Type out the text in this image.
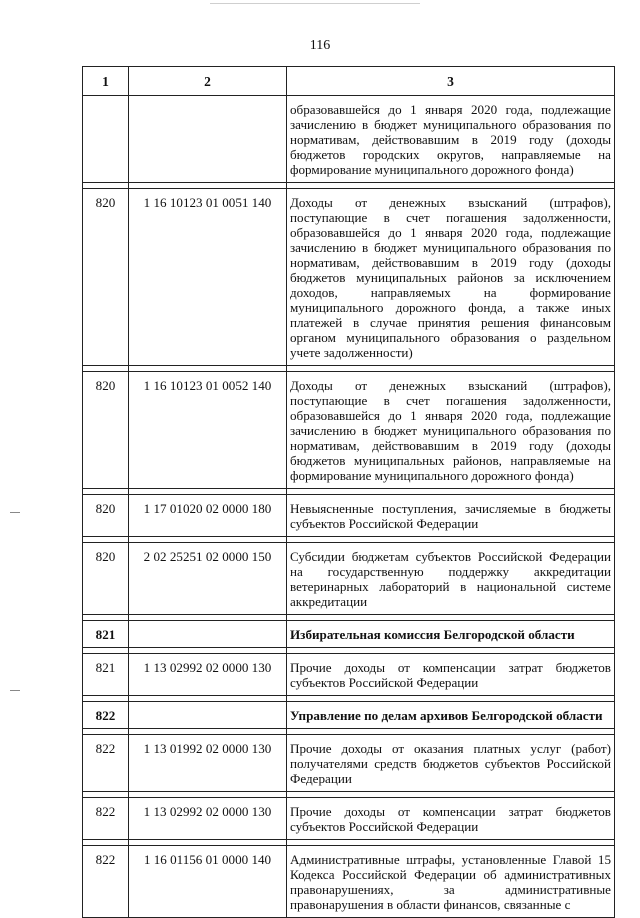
116
1	2	3
		образовавшейся до 1 января 2020 года, подлежащие зачислению в бюджет муниципального образования по нормативам, действовавшим в 2019 году (доходы бюджетов городских округов, направляемые на формирование муниципального дорожного фонда)

820	1 16 10123 01 0051 140	Доходы от денежных взысканий (штрафов), поступающие в счет погашения задолженности, образовавшейся до 1 января 2020 года, подлежащие зачислению в бюджет муниципального образования по нормативам, действовавшим в 2019 году (доходы бюджетов муниципальных районов за исключением доходов, направляемых на формирование муниципального дорожного фонда, а также иных платежей в случае принятия решения финансовым органом муниципального образования о раздельном учете задолженности)

820	1 16 10123 01 0052 140	Доходы от денежных взысканий (штрафов), поступающие в счет погашения задолженности, образовавшейся до 1 января 2020 года, подлежащие зачислению в бюджет муниципального образования по нормативам, действовавшим в 2019 году (доходы бюджетов муниципальных районов, направляемые на формирование муниципального дорожного фонда)

820	1 17 01020 02 0000 180	Невыясненные поступления, зачисляемые в бюджеты субъектов Российской Федерации

820	2 02 25251 02 0000 150	Субсидии бюджетам субъектов Российской Федерации на государственную поддержку аккредитации ветеринарных лабораторий в национальной системе аккредитации

821		Избирательная комиссия Белгородской области

821	1 13 02992 02 0000 130	Прочие доходы от компенсации затрат бюджетов субъектов Российской Федерации

822		Управление по делам архивов Белгородской области

822	1 13 01992 02 0000 130	Прочие доходы от оказания платных услуг (работ) получателями средств бюджетов субъектов Российской Федерации

822	1 13 02992 02 0000 130	Прочие доходы от компенсации затрат бюджетов субъектов Российской Федерации

822	1 16 01156 01 0000 140	Административные штрафы, установленные Главой 15 Кодекса Российской Федерации об административных правонарушениях, за административные правонарушения в области финансов, связанные с
